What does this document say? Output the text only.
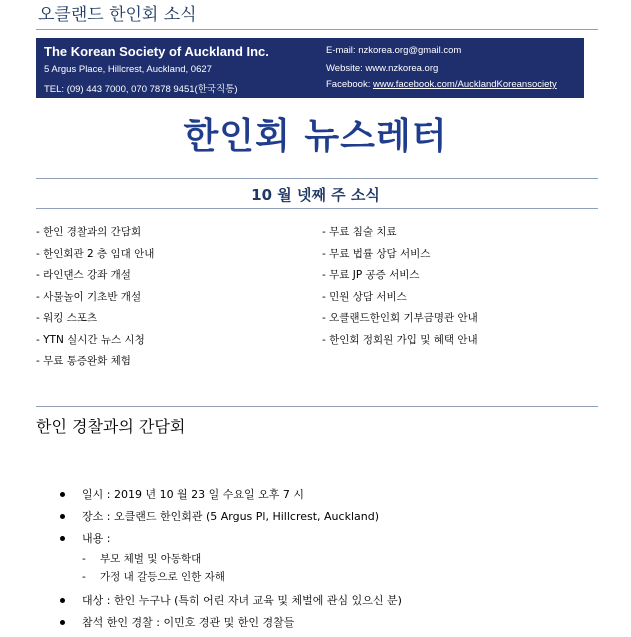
오클랜드 한인회 소식
The Korean Society of Auckland Inc.
5 Argus Place, Hillcrest, Auckland, 0627
TEL: (09) 443 7000, 070 7878 9451(한국직통)
E-mail: nzkorea.org@gmail.com
Website: www.nzkorea.org
Facebook: www.facebook.com/AucklandKoreansociety
한인회 뉴스레터
10 월 넷째 주 소식
- 한인 경찰과의 간담회
- 한인회관 2 층 임대 안내
- 라인댄스 강좌 개설
- 사물놀이 기초반 개설
- 워킹 스포츠
- YTN 실시간 뉴스 시청
- 무료 통증완화 체험
- 무료 침술 치료
- 무료 법률 상담 서비스
- 무료 JP 공증 서비스
- 민원 상담 서비스
- 오클랜드한인회 기부금명관 안내
- 한인회 정회원 가입 및 혜택 안내
한인 경찰과의 간담회
일시 : 2019 년 10 월 23 일 수요일 오후 7 시
장소 : 오클랜드 한인회관 (5 Argus Pl, Hillcrest, Auckland)
내용 :
- 부모 체벌 및 아동학대
- 가정 내 갈등으로 인한 자해
대상 : 한인 누구나 (특히 어린 자녀 교육 및 체벌에 관심 있으신 분)
참석 한인 경찰 : 이민호 경관 및 한인 경찰들
